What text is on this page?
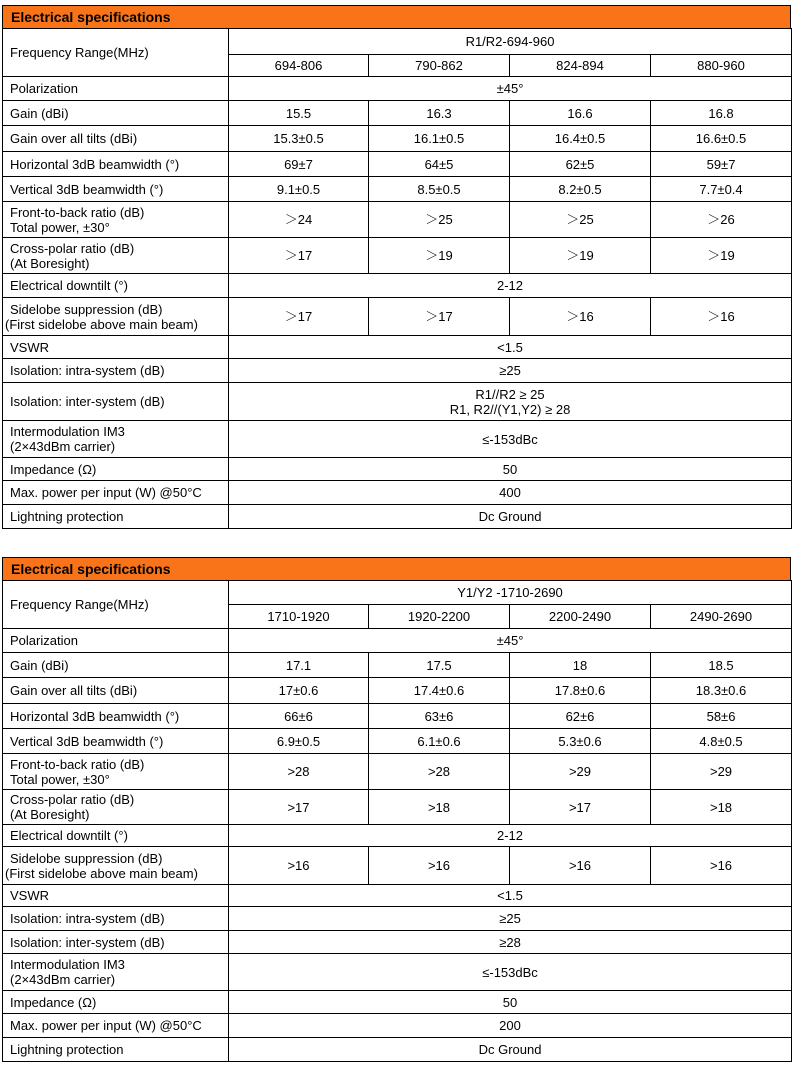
Electrical specifications
Frequency Range(MHz)	R1/R2-694-960			
	694-806	790-862	824-894	880-960
Polarization	±45°			
Gain (dBi)	15.5	16.3	16.6	16.8
Gain over all tilts (dBi)	15.3±0.5	16.1±0.5	16.4±0.5	16.6±0.5
Horizontal 3dB beamwidth (°)	69±7	64±5	62±5	59±7
Vertical 3dB beamwidth (°)	9.1±0.5	8.5±0.5	8.2±0.5	7.7±0.4

Front-to-back ratio (dB)
Total power, ±30°	＞24	＞25	＞25	＞26

Cross-polar ratio (dB)
(At Boresight)	＞17	＞19	＞19	＞19
Electrical downtilt (°)	2-12			

Sidelobe suppression (dB)
(First sidelobe above main beam)	＞17	＞17	＞16	＞16
VSWR	<1.5			
Isolation: intra-system (dB)	≥25			
Isolation: inter-system (dB)	R1//R2 ≥ 25
R1, R2//(Y1,Y2) ≥ 28			

Intermodulation IM3
(2×43dBm carrier)	≤-153dBc			
Impedance (Ω)	50			
Max. power per input (W) @50°C	400			
Lightning protection	Dc Ground			
Electrical specifications
Frequency Range(MHz)	Y1/Y2 -1710-2690			
	1710-1920	1920-2200	2200-2490	2490-2690
Polarization	±45°			
Gain (dBi)	17.1	17.5	18	18.5
Gain over all tilts (dBi)	17±0.6	17.4±0.6	17.8±0.6	18.3±0.6
Horizontal 3dB beamwidth (°)	66±6	63±6	62±6	58±6
Vertical 3dB beamwidth (°)	6.9±0.5	6.1±0.6	5.3±0.6	4.8±0.5

Front-to-back ratio (dB)
Total power, ±30°	>28	>28	>29	>29

Cross-polar ratio (dB)
(At Boresight)	>17	>18	>17	>18
Electrical downtilt (°)	2-12			

Sidelobe suppression (dB)
(First sidelobe above main beam)	>16	>16	>16	>16
VSWR	<1.5			
Isolation: intra-system (dB)	≥25			
Isolation: inter-system (dB)	≥28			

Intermodulation IM3
(2×43dBm carrier)	≤-153dBc			
Impedance (Ω)	50			
Max. power per input (W) @50°C	200			
Lightning protection	Dc Ground			
